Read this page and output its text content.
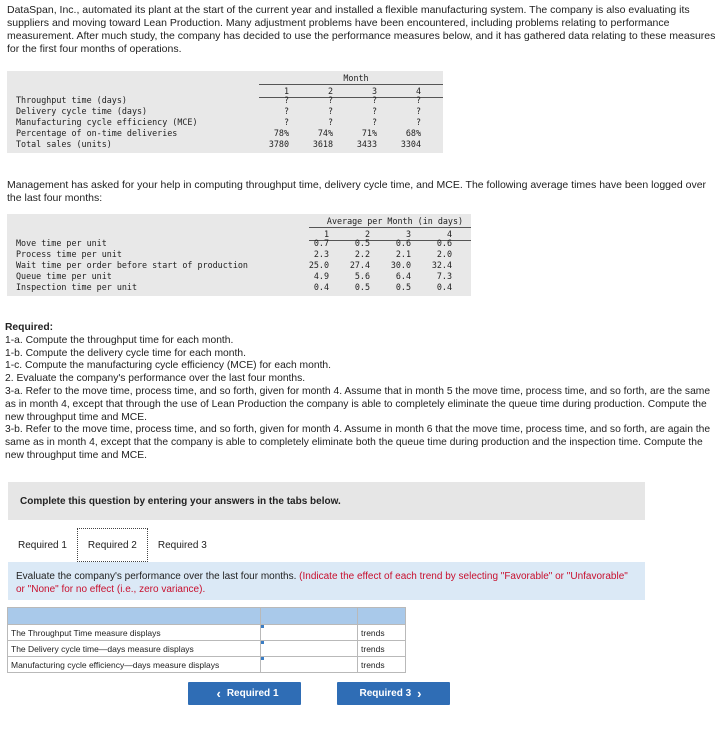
DataSpan, Inc., automated its plant at the start of the current year and installed a flexible manufacturing system. The company is also evaluating its suppliers and moving toward Lean Production. Many adjustment problems have been encountered, including problems relating to performance measurement. After much study, the company has decided to use the performance measures below, and it has gathered data relating to these measures for the first four months of operations.
Month
1	2	3	4
Throughput time (days)	?	?	?	?
Delivery cycle time (days)	?	?	?	?
Manufacturing cycle efficiency (MCE)	?	?	?	?
Percentage of on-time deliveries	78%	74%	71%	68%
Total sales (units)	3780	3618	3433	3304
Management has asked for your help in computing throughput time, delivery cycle time, and MCE. The following average times have been logged over the last four months:
Average per Month (in days)
1	2	3	4
Move time per unit	0.7	0.5	0.6	0.6
Process time per unit	2.3	2.2	2.1	2.0
Wait time per order before start of production	25.0	27.4	30.0	32.4
Queue time per unit	4.9	5.6	6.4	7.3
Inspection time per unit	0.4	0.5	0.5	0.4
Required:
1-a. Compute the throughput time for each month.
1-b. Compute the delivery cycle time for each month.
1-c. Compute the manufacturing cycle efficiency (MCE) for each month.
2. Evaluate the company's performance over the last four months.
3-a. Refer to the move time, process time, and so forth, given for month 4. Assume that in month 5 the move time, process time, and so forth, are the same as in month 4, except that through the use of Lean Production the company is able to completely eliminate the queue time during production. Compute the new throughput time and MCE.
3-b. Refer to the move time, process time, and so forth, given for month 4. Assume in month 6 that the move time, process time, and so forth, are again the same as in month 4, except that the company is able to completely eliminate both the queue time during production and the inspection time. Compute the new throughput time and MCE.
Complete this question by entering your answers in the tabs below.
Required 1	Required 2	Required 3
Evaluate the company's performance over the last four months. (Indicate the effect of each trend by selecting "Favorable" or "Unfavorable" or "None" for no effect (i.e., zero variance).

The Throughput Time measure displays		trends
The Delivery cycle time—days measure displays		trends
Manufacturing cycle efficiency—days measure displays		trends
‹ Required 1	Required 3 ›
